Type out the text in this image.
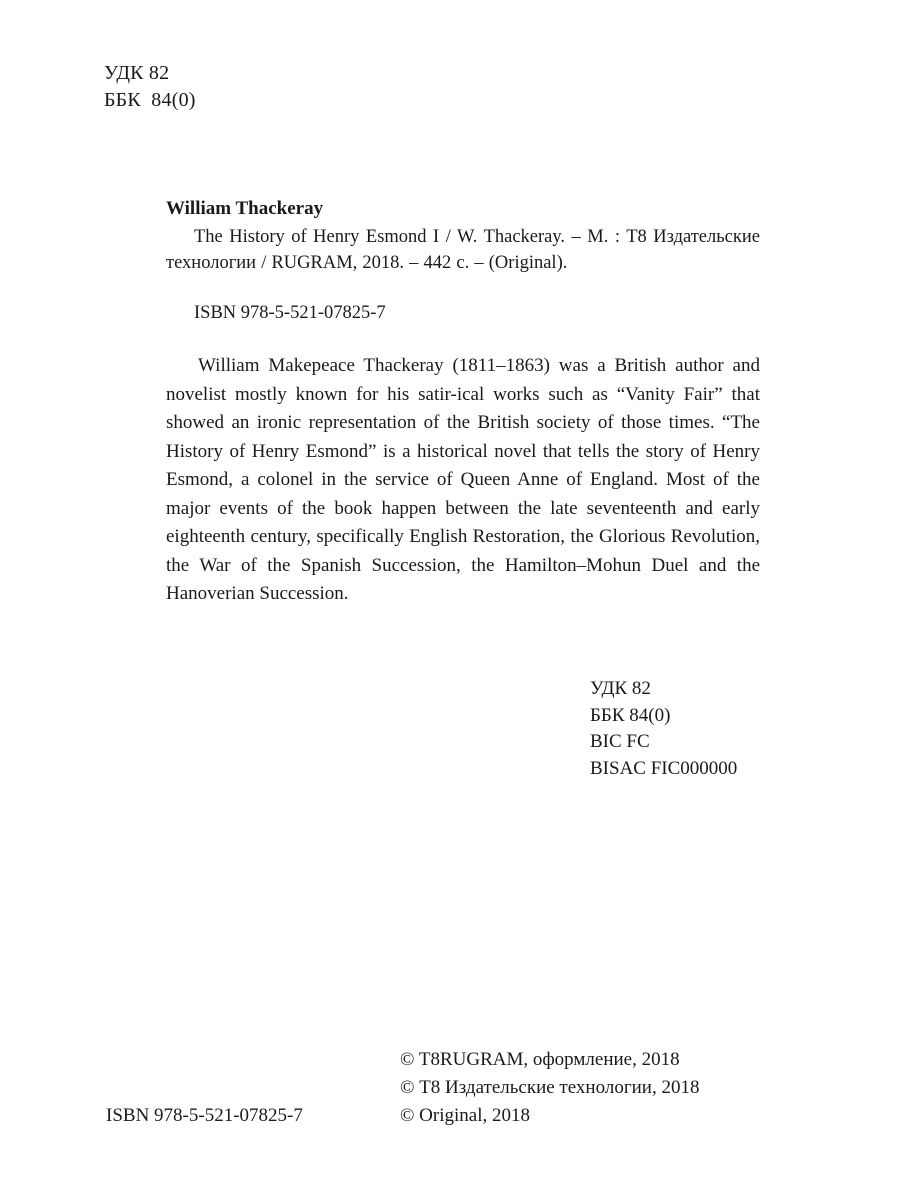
УДК 82
ББК  84(0)

William Thackeray

The History of Henry Esmond I / W. Thackeray. – M. : T8 Издательские технологии / RUGRAM, 2018. – 442 c. – (Original).

ISBN 978-5-521-07825-7

William Makepeace Thackeray (1811–1863) was a British author and novelist mostly known for his satir-ical works such as “Vanity Fair” that showed an ironic representation of the British society of those times. “The History of Henry Esmond” is a historical novel that tells the story of Henry Esmond, a colonel in the service of Queen Anne of England. Most of the major events of the book happen between the late seventeenth and early eighteenth century, specifically English Restoration, the Glorious Revolution, the War of the Spanish Succession, the Hamilton–Mohun Duel and the Hanoverian Succession.

УДК 82
ББК 84(0)
BIC FC
BISAC FIC000000
© T8RUGRAM, оформление, 2018
© Т8 Издательские технологии, 2018
© Original, 2018
ISBN 978-5-521-07825-7
